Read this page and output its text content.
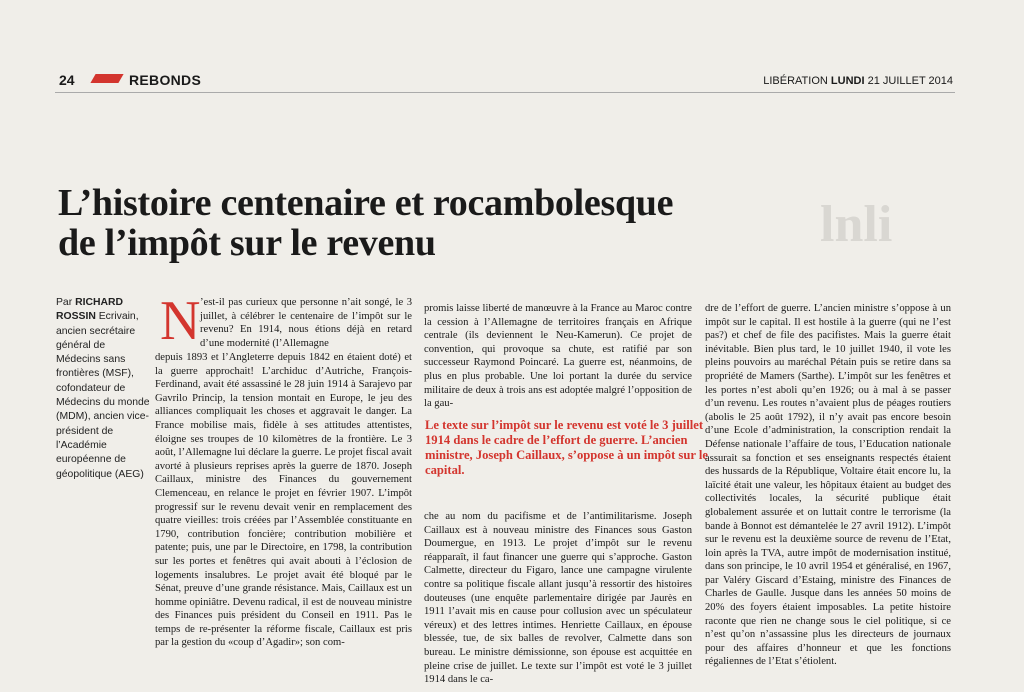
lnli
24	REBONDS	LIBÉRATION LUNDI 21 JUILLET 2014
L’histoire centenaire et rocambolesque
de l’impôt sur le revenu
Par RICHARD ROSSIN Ecrivain, ancien secrétaire général de Médecins sans frontières (MSF), cofondateur de Médecins du monde (MDM), ancien vice-président de l’Académie européenne de géopolitique (AEG)
N ’est-il pas curieux que personne n’ait songé, le 3 juillet, à célébrer le centenaire de l’impôt sur le revenu? En 1914, nous étions déjà en retard d’une modernité (l’Allemagne
depuis 1893 et l’Angleterre depuis 1842 en étaient doté) et la guerre approchait! L’archiduc d’Autriche, François-Ferdinand, avait été assassiné le 28 juin 1914 à Sarajevo par Gavrilo Princip, la tension montait en Europe, le jeu des alliances compliquait les choses et aggravait le danger. La France mobilise mais, fidèle à ses attitudes attentistes, éloigne ses troupes de 10 kilomètres de la frontière. Le 3 août, l’Allemagne lui déclare la guerre. Le projet fiscal avait avorté à plusieurs reprises après la guerre de 1870. Joseph Caillaux, ministre des Finances du gouvernement Clemenceau, en relance le projet en février 1907. L’impôt progressif sur le revenu devait venir en remplacement des quatre vieilles: trois créées par l’Assemblée constituante en 1790, contribution foncière; contribution mobilière et patente; puis, une par le Directoire, en 1798, la contribution sur les portes et fenêtres qui avait abouti à l’éclosion de logements insalubres. Le projet avait été bloqué par le Sénat, preuve d’une grande résistance. Mais, Caillaux est un homme opiniâtre. Devenu radical, il est de nouveau ministre des Finances puis président du Conseil en 1911. Pas le temps de re-présenter la réforme fiscale, Caillaux est pris par la gestion du «coup d’Agadir»; son com-
promis laisse liberté de manœuvre à la France au Maroc contre la cession à l’Allemagne de territoires français en Afrique centrale (ils deviennent le Neu-Kamerun). Ce projet de convention, qui provoque sa chute, est ratifié par son successeur Raymond Poincaré. La guerre est, néanmoins, de plus en plus probable. Une loi portant la durée du service militaire de deux à trois ans est adoptée malgré l’opposition de la gau-
Le texte sur l’impôt sur le revenu est voté le 3 juillet 1914 dans le cadre de l’effort de guerre. L’ancien ministre, Joseph Caillaux, s’oppose à un impôt sur le capital.
che au nom du pacifisme et de l’antimilitarisme. Joseph Caillaux est à nouveau ministre des Finances sous Gaston Doumergue, en 1913. Le projet d’impôt sur le revenu réapparaît, il faut financer une guerre qui s’approche. Gaston Calmette, directeur du Figaro, lance une campagne virulente contre sa politique fiscale allant jusqu’à ressortir des histoires douteuses (une enquête parlementaire dirigée par Jaurès en 1911 l’avait mis en cause pour collusion avec un spéculateur véreux) et des lettres intimes. Henriette Caillaux, en épouse blessée, tue, de six balles de revolver, Calmette dans son bureau. Le ministre démissionne, son épouse est acquittée en pleine crise de juillet. Le texte sur l’impôt est voté le 3 juillet 1914 dans le ca-
dre de l’effort de guerre. L’ancien ministre s’oppose à un impôt sur le capital. Il est hostile à la guerre (qui ne l’est pas?) et chef de file des pacifistes. Mais la guerre était inévitable. Bien plus tard, le 10 juillet 1940, il vote les pleins pouvoirs au maréchal Pétain puis se retire dans sa propriété de Mamers (Sarthe). L’impôt sur les fenêtres et les portes n’est aboli qu’en 1926; ou à mal à se passer d’un revenu. Les routes n’avaient plus de péages routiers (abolis le 25 août 1792), il n’y avait pas encore besoin d’une Ecole d’administration, la conscription rendait la Défense nationale l’affaire de tous, l’Education nationale assurait sa fonction et ses enseignants respectés étaient des hussards de la République, Voltaire était encore lu, la laïcité était une valeur, les hôpitaux étaient au budget des collectivités locales, la sécurité publique était globalement assurée et on luttait contre le terrorisme (la bande à Bonnot est démantelée le 27 avril 1912). L’impôt sur le revenu est la deuxième source de revenu de l’Etat, loin après la TVA, autre impôt de modernisation institué, dans son principe, le 10 avril 1954 et généralisé, en 1967, par Valéry Giscard d’Estaing, ministre des Finances de Charles de Gaulle. Jusque dans les années 50 moins de 20% des foyers étaient imposables. La petite histoire raconte que rien ne change sous le ciel politique, si ce n’est qu’on n’assassine plus les directeurs de journaux pour des affaires d’honneur et que les fonctions régaliennes de l’Etat s’étiolent.
